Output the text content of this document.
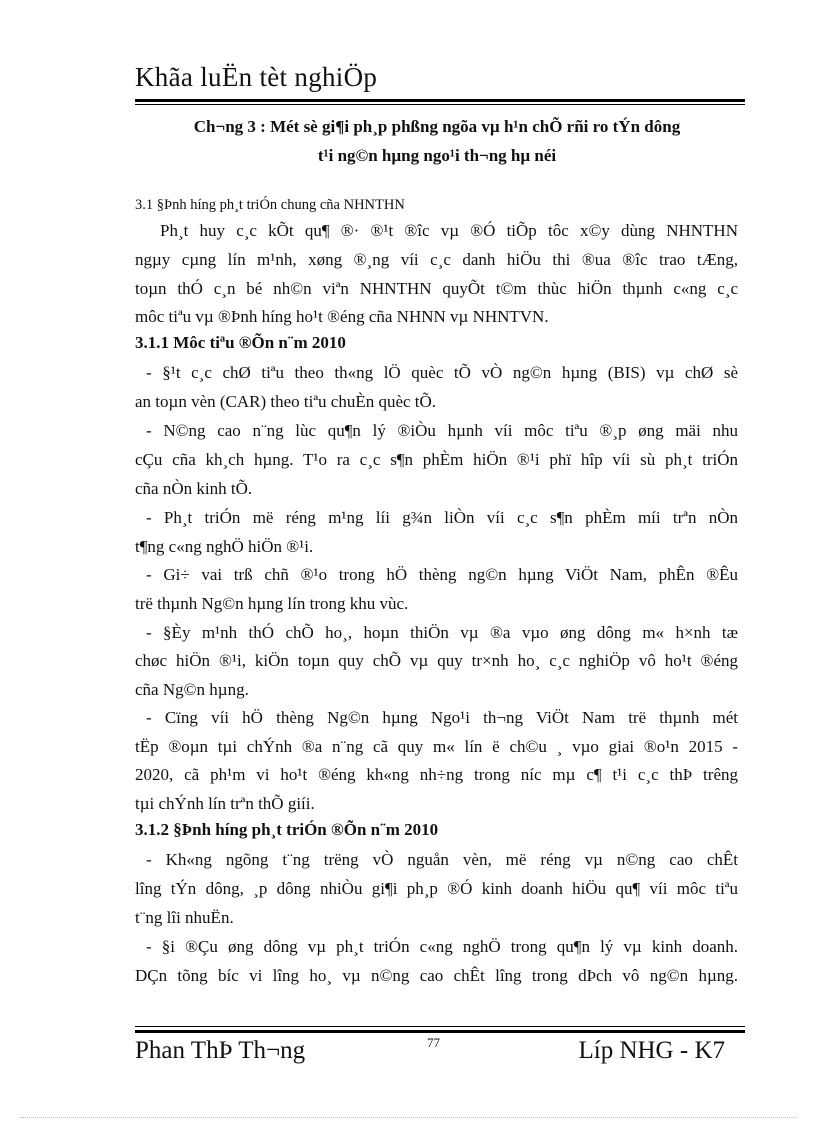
Khãa luËn tèt nghiÖp
Ch¬ng 3 : Mét sè gi¶i ph¸p phßng ngõa vµ h¹n chÕ rñi ro tÝn dông
t¹i ng©n hµng ngo¹i th¬ng hµ néi
3.1 §Þnh híng ph¸t triÓn chung cña NHNTHN
Ph¸t huy c¸c kÕt qu¶ ®· ®¹t ®îc vµ ®Ó tiÕp tôc x©y dùng NHNTHN
ngµy cµng lín m¹nh, xøng ®¸ng víi c¸c danh hiÖu thi ®ua ®îc trao tÆng,
toµn thÓ c¸n bé nh©n viªn NHNTHN quyÕt t©m thùc hiÖn thµnh c«ng c¸c
môc tiªu vµ ®Þnh híng ho¹t ®éng cña NHNN vµ NHNTVN.
3.1.1 Môc tiªu ®Õn n¨m 2010
- §¹t c¸c chØ tiªu theo th«ng lÖ quèc tÕ vÒ ng©n hµng (BIS) vµ chØ sè
an toµn vèn (CAR) theo tiªu chuÈn quèc tÕ.
- N©ng cao n¨ng lùc qu¶n lý ®iÒu hµnh víi môc tiªu ®¸p øng mäi nhu
cÇu cña kh¸ch hµng. T¹o ra c¸c s¶n phÈm hiÖn ®¹i phï hîp víi sù ph¸t triÓn
cña nÒn kinh tÕ.
- Ph¸t triÓn më réng m¹ng líi g¾n liÒn víi c¸c s¶n phÈm míi trªn nÒn
t¶ng c«ng nghÖ hiÖn ®¹i.
- Gi÷ vai trß chñ ®¹o trong hÖ thèng ng©n hµng ViÖt Nam, phÊn ®Êu
trë thµnh Ng©n hµng lín trong khu vùc.
- §Èy m¹nh thÓ chÕ ho¸, hoµn thiÖn vµ ®a vµo øng dông m« h×nh tæ
chøc hiÖn ®¹i, kiÖn toµn quy chÕ vµ quy tr×nh ho¸ c¸c nghiÖp vô ho¹t ®éng
cña Ng©n hµng.
- Cïng víi hÖ thèng Ng©n hµng Ngo¹i th¬ng ViÖt Nam trë thµnh mét
tËp ®oµn tµi chÝnh ®a n¨ng cã quy m« lín ë ch©u ¸ vµo giai ®o¹n 2015 -
2020, cã ph¹m vi ho¹t ®éng kh«ng nh÷ng trong níc mµ c¶ t¹i c¸c thÞ trêng
tµi chÝnh lín trªn thÕ giíi.
3.1.2 §Þnh híng ph¸t triÓn ®Õn n¨m 2010
- Kh«ng ngõng t¨ng trëng vÒ nguån vèn, më réng vµ n©ng cao chÊt
lîng tÝn dông, ¸p dông nhiÒu gi¶i ph¸p ®Ó kinh doanh hiÖu qu¶ víi môc tiªu
t¨ng lîi nhuËn.
- §i ®Çu øng dông vµ ph¸t triÓn c«ng nghÖ trong qu¶n lý vµ kinh doanh.
DÇn tõng bíc vi lîng ho¸ vµ n©ng cao chÊt lîng trong dÞch vô ng©n hµng.
Phan ThÞ Th¬ng	77	Líp NHG - K7
